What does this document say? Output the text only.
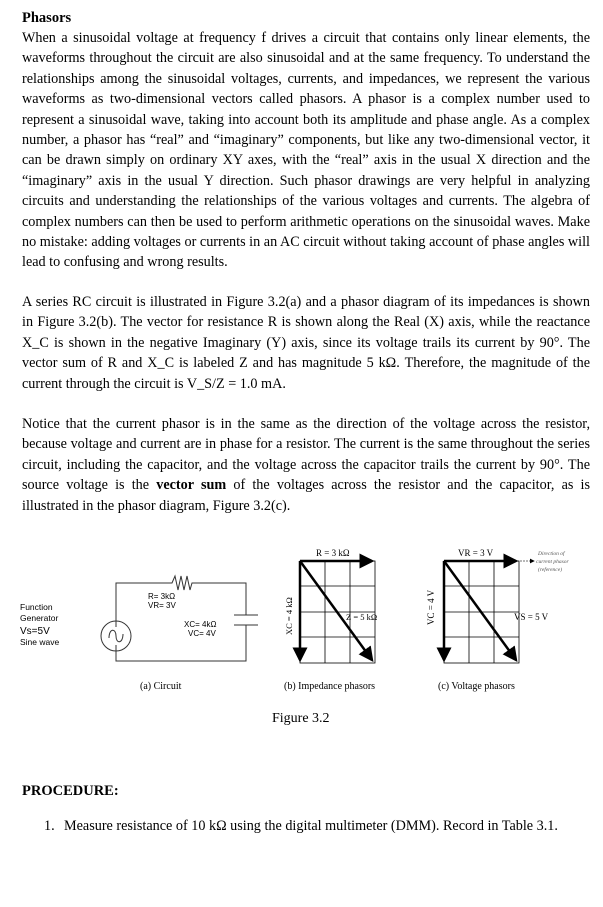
Phasors

When a sinusoidal voltage at frequency f drives a circuit that contains only linear elements, the waveforms throughout the circuit are also sinusoidal and at the same frequency. To understand the relationships among the sinusoidal voltages, currents, and impedances, we represent the various waveforms as two-dimensional vectors called phasors. A phasor is a complex number used to represent a sinusoidal wave, taking into account both its amplitude and phase angle. As a complex number, a phasor has “real” and “imaginary” components, but like any two-dimensional vector, it can be drawn simply on ordinary XY axes, with the “real” axis in the usual X direction and the “imaginary” axis in the usual Y direction. Such phasor drawings are very helpful in analyzing circuits and understanding the relationships of the various voltages and currents. The algebra of complex numbers can then be used to perform arithmetic operations on the sinusoidal waves. Make no mistake: adding voltages or currents in an AC circuit without taking account of phase angles will lead to confusing and wrong results.

A series RC circuit is illustrated in Figure 3.2(a) and a phasor diagram of its impedances is shown in Figure 3.2(b). The vector for resistance R is shown along the Real (X) axis, while the reactance X_C is shown in the negative Imaginary (Y) axis, since its voltage trails its current by 90°. The vector sum of R and X_C is labeled Z and has magnitude 5 kΩ. Therefore, the magnitude of the current through the circuit is V_S/Z = 1.0 mA.

Notice that the current phasor is in the same as the direction of the voltage across the resistor, because voltage and current are in phase for a resistor. The current is the same throughout the series circuit, including the capacitor, and the voltage across the capacitor trails the current by 90°. The source voltage is the vector sum of the voltages across the resistor and the capacitor, as is illustrated in the phasor diagram, Figure 3.2(c).

Function
Generator
Vs=5V
Sine wave
R= 3kΩ
VR= 3V
XC= 4kΩ
VC= 4V
(a) Circuit
R = 3 kΩ
Z = 5 kΩ
XC = 4 kΩ
(b) Impedance phasors
VR = 3 V
VS = 5 V
VC = 4 V
Direction of
current phasor
(reference)
(c) Voltage phasors
Figure 3.2
PROCEDURE:
1. Measure resistance of 10 kΩ using the digital multimeter (DMM). Record in Table 3.1.
